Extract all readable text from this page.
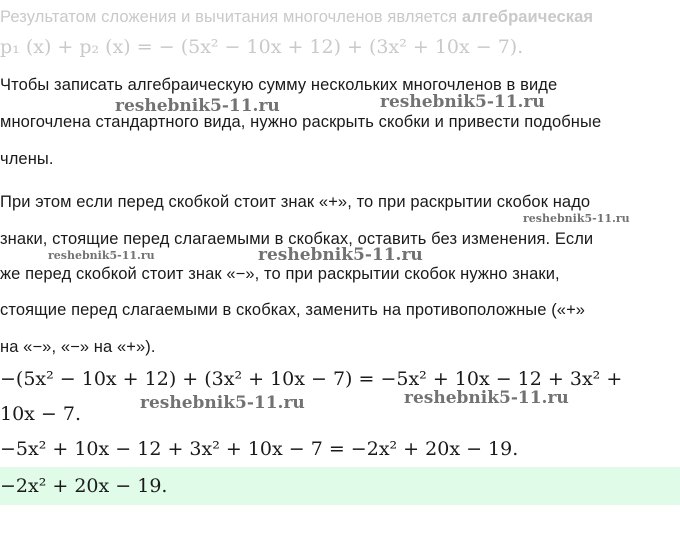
Результатом сложения и вычитания многочленов является алгебраическая
p₁ (x) + p₂ (x) = − (5x² − 10x + 12) + (3x² + 10x − 7).
Чтобы записать алгебраическую сумму нескольких многочленов в виде
многочлена стандартного вида, нужно раскрыть скобки и привести подобные
члены.
При этом если перед скобкой стоит знак «+», то при раскрытии скобок надо
знаки, стоящие перед слагаемыми в скобках, оставить без изменения. Если
же перед скобкой стоит знак «−», то при раскрытии скобок нужно знаки,
стоящие перед слагаемыми в скобках, заменить на противоположные («+»
на «−», «−» на «+»).
−(5x² − 10x + 12) + (3x² + 10x − 7) = −5x² + 10x − 12 + 3x² +
10x − 7.
−5x² + 10x − 12 + 3x² + 10x − 7 = −2x² + 20x − 19.
−2x² + 20x − 19.
reshebnik5-11.ru	reshebnik5-11.ru
reshebnik5-11.ru
reshebnik5-11.ru	reshebnik5-11.ru
reshebnik5-11.ru	reshebnik5-11.ru
